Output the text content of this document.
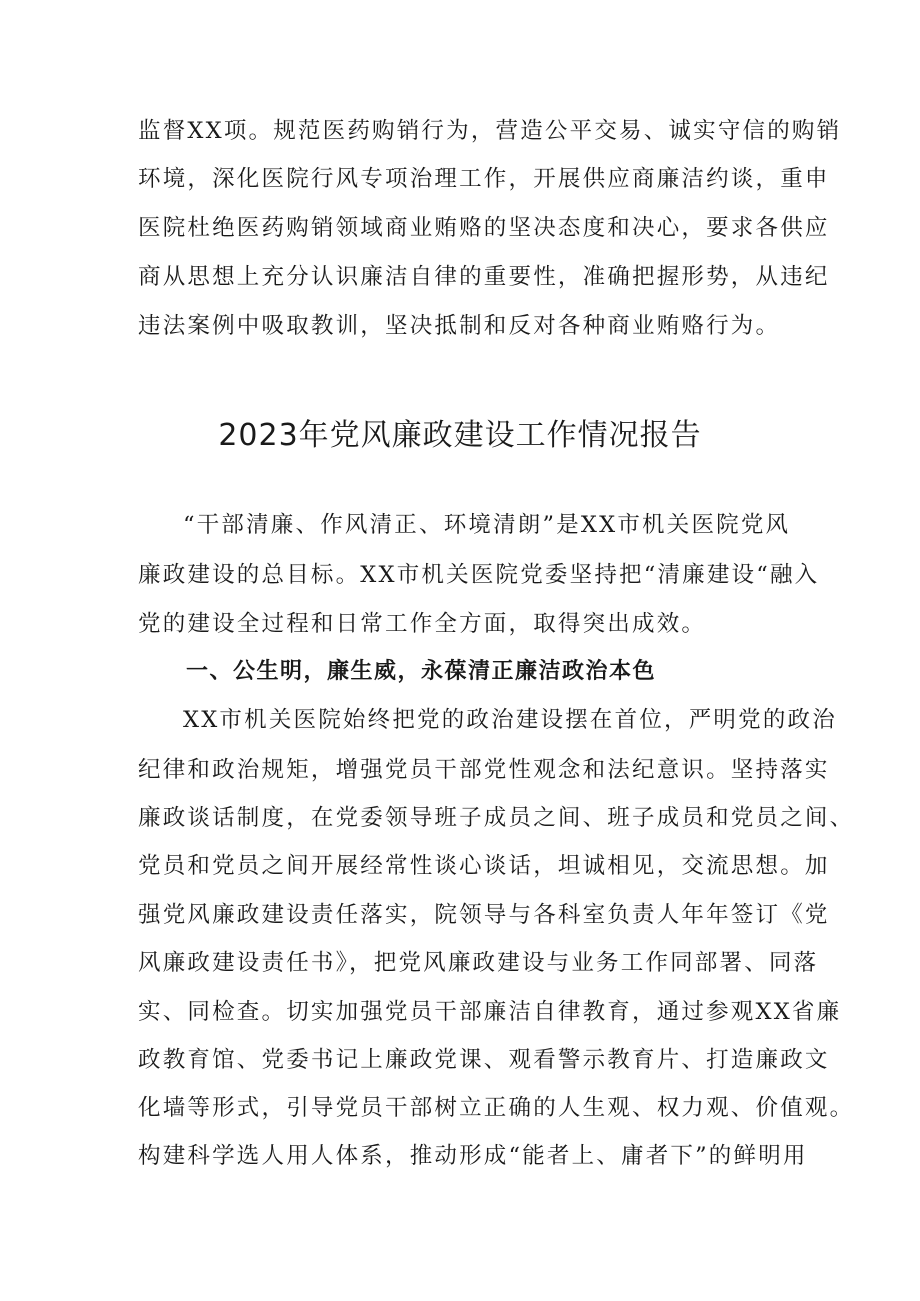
监督XX项。规范医药购销行为，营造公平交易、诚实守信的购销
环境，深化医院行风专项治理工作，开展供应商廉洁约谈，重申
医院杜绝医药购销领域商业贿赂的坚决态度和决心，要求各供应
商从思想上充分认识廉洁自律的重要性，准确把握形势，从违纪
违法案例中吸取教训，坚决抵制和反对各种商业贿赂行为。
2023年党风廉政建设工作情况报告
“干部清廉、作风清正、环境清朗”是XX市机关医院党风
廉政建设的总目标。XX市机关医院党委坚持把“清廉建设“融入
党的建设全过程和日常工作全方面，取得突出成效。
一、公生明，廉生威，永葆清正廉洁政治本色
XX市机关医院始终把党的政治建设摆在首位，严明党的政治
纪律和政治规矩，增强党员干部党性观念和法纪意识。坚持落实
廉政谈话制度，在党委领导班子成员之间、班子成员和党员之间、
党员和党员之间开展经常性谈心谈话，坦诚相见，交流思想。加
强党风廉政建设责任落实，院领导与各科室负责人年年签订《党
风廉政建设责任书》，把党风廉政建设与业务工作同部署、同落
实、同检查。切实加强党员干部廉洁自律教育，通过参观XX省廉
政教育馆、党委书记上廉政党课、观看警示教育片、打造廉政文
化墙等形式，引导党员干部树立正确的人生观、权力观、价值观。
构建科学选人用人体系，推动形成“能者上、庸者下”的鲜明用
